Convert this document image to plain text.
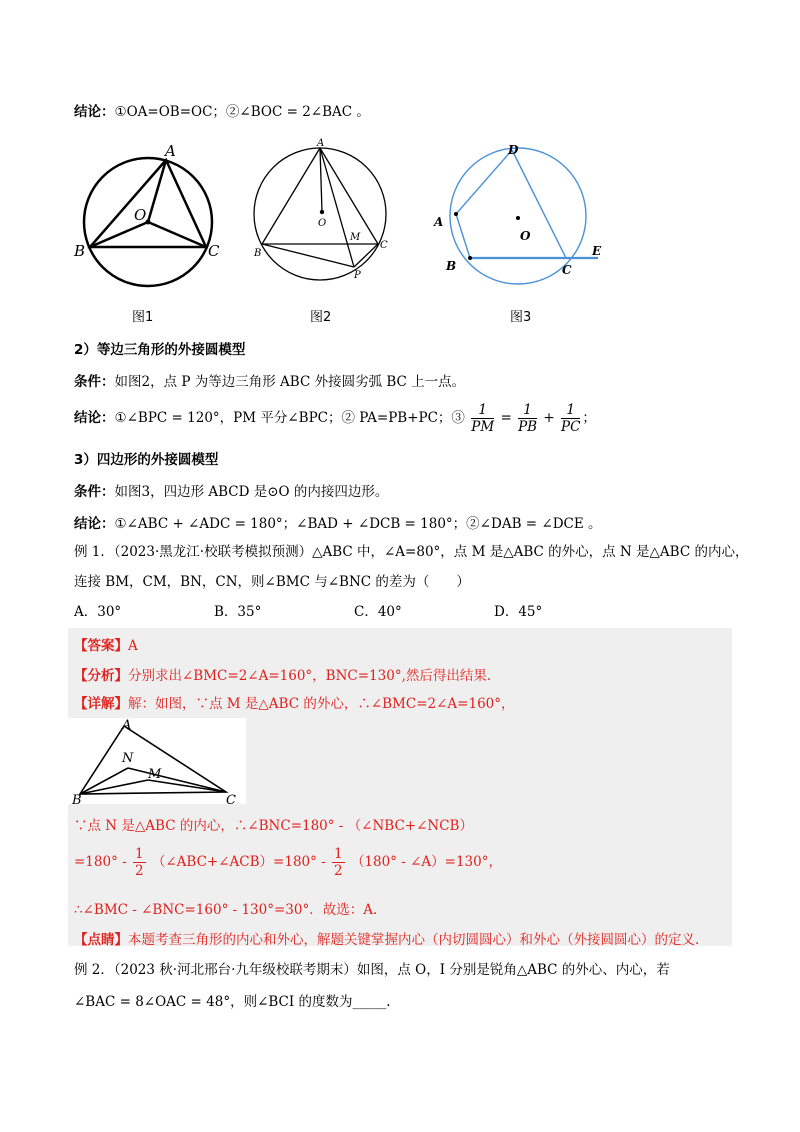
结论：①OA=OB=OC；②∠BOC = 2∠BAC 。
A
O
B	C
图1
A
O
B
C
M
P
图2
D
A
O
B	C
E
图3
2）等边三角形的外接圆模型
条件：如图2，点 P 为等边三角形 ABC 外接圆劣弧 BC 上一点。
结论：①∠BPC = 120°，PM 平分∠BPC；② PA=PB+PC；③ $\frac{1}{PM} = \frac{1}{PB} + \frac{1}{PC}$ ；
3）四边形的外接圆模型
条件：如图3，四边形 ABCD 是⊙O 的内接四边形。
结论：①∠ABC + ∠ADC = 180°；∠BAD + ∠DCB = 180°；②∠DAB = ∠DCE 。
例 1．（2023·黑龙江·校联考模拟预测）△ABC 中，∠A=80°，点 M 是△ABC 的外心，点 N 是△ABC 的内心，
连接 BM，CM，BN，CN，则∠BMC 与∠BNC 的差为（　　）
A．30°	B．35°	C．40°	D．45°
【答案】A
【分析】分别求出∠BMC=2∠A=160°，BNC=130°,然后得出结果.
【详解】解：如图，∵点 M 是△ABC 的外心，∴∠BMC=2∠A=160°，
A
N
M
B	C
∵点 N 是△ABC 的内心，∴∠BNC=180° - （∠NBC+∠NCB）
$=180^\circ - \frac{1}{2}$ （∠ABC+∠ACB）=180° - $\frac{1}{2} (180^\circ$ - ∠A）=130°，
∴∠BMC - ∠BNC=160° - 130°=30°．故选：A.
【点睛】本题考查三角形的内心和外心，解题关键掌握内心（内切圆圆心）和外心（外接圆圆心）的定义.
例 2．（2023 秋·河北邢台·九年级校联考期末）如图，点 O，I 分别是锐角△ABC 的外心、内心，若
∠BAC = 8∠OAC = 48°，则∠BCI 的度数为_____.
